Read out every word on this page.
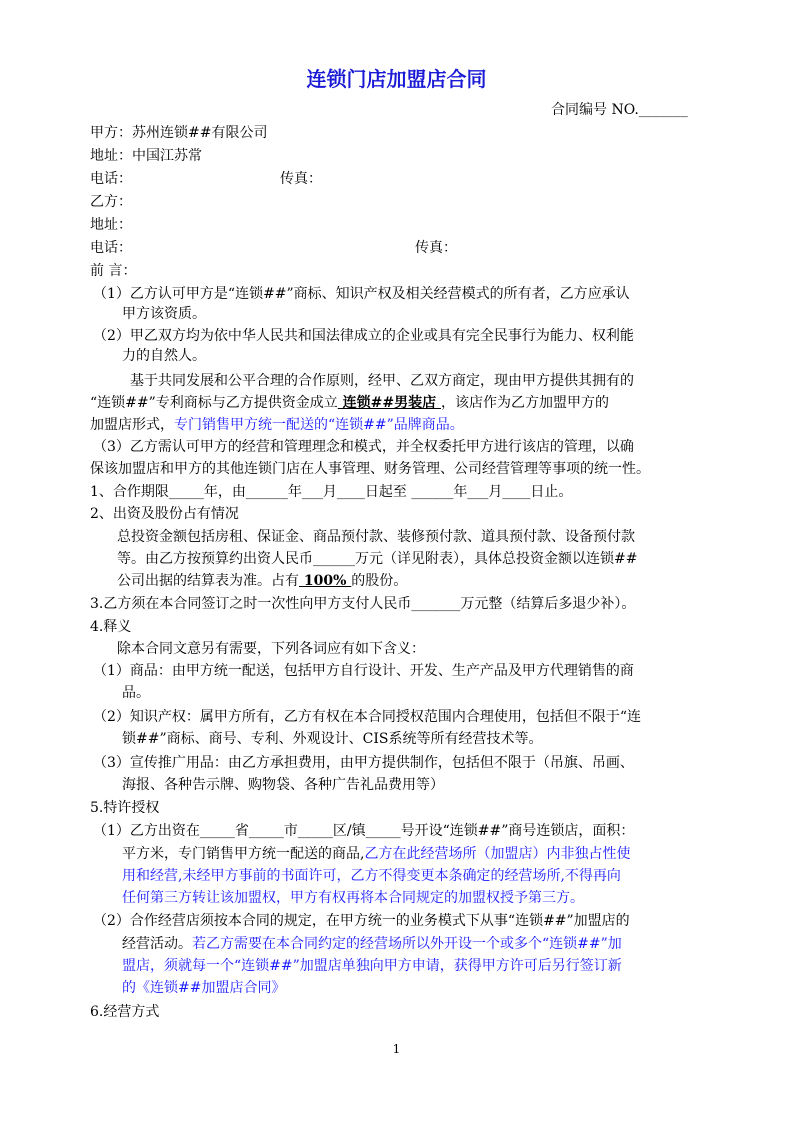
连锁门店加盟店合同
合同编号 NO._______
甲方：苏州连锁##有限公司
地址：中国江苏常
电话：	传真：
乙方：
地址：
电话：	传真：
前 言：
（1）乙方认可甲方是“连锁##”商标、知识产权及相关经营模式的所有者，乙方应承认
甲方该资质。
（2）甲乙双方均为依中华人民共和国法律成立的企业或具有完全民事行为能力、权利能
力的自然人。
基于共同发展和公平合理的合作原则，经甲、乙双方商定，现由甲方提供其拥有的
“连锁##”专利商标与乙方提供资金成立 连锁##男装店 ，该店作为乙方加盟甲方的
加盟店形式，专门销售甲方统一配送的“连锁##”品牌商品。
（3）乙方需认可甲方的经营和管理理念和模式，并全权委托甲方进行该店的管理，以确
保该加盟店和甲方的其他连锁门店在人事管理、财务管理、公司经营管理等事项的统一性。
1、合作期限_____年，由______年___月____日起至 ______年___月____日止。
2、出资及股份占有情况
总投资金额包括房租、保证金、商品预付款、装修预付款、道具预付款、设备预付款
等。由乙方按预算约出资人民币______万元（详见附表），具体总投资金额以连锁##
公司出据的结算表为准。占有 100% 的股份。
3.乙方须在本合同签订之时一次性向甲方支付人民币_______万元整（结算后多退少补）。
4.释义
除本合同文意另有需要，下列各词应有如下含义：
（1）商品：由甲方统一配送，包括甲方自行设计、开发、生产产品及甲方代理销售的商
品。
（2）知识产权：属甲方所有，乙方有权在本合同授权范围内合理使用，包括但不限于“连
锁##”商标、商号、专利、外观设计、CIS系统等所有经营技术等。
（3）宣传推广用品：由乙方承担费用，由甲方提供制作，包括但不限于（吊旗、吊画、
海报、各种告示牌、购物袋、各种广告礼品费用等）
5.特许授权
（1）乙方出资在_____省_____市_____区/镇_____号开设“连锁##”商号连锁店，面积：
平方米，专门销售甲方统一配送的商品,乙方在此经营场所（加盟店）内非独占性使
用和经营,未经甲方事前的书面许可，乙方不得变更本条确定的经营场所,不得再向
任何第三方转让该加盟权，甲方有权再将本合同规定的加盟权授予第三方。
（2）合作经营店须按本合同的规定，在甲方统一的业务模式下从事“连锁##”加盟店的
经营活动。若乙方需要在本合同约定的经营场所以外开设一个或多个“连锁##”加
盟店，须就每一个“连锁##”加盟店单独向甲方申请，获得甲方许可后另行签订新
的《连锁##加盟店合同》
6.经营方式
1
